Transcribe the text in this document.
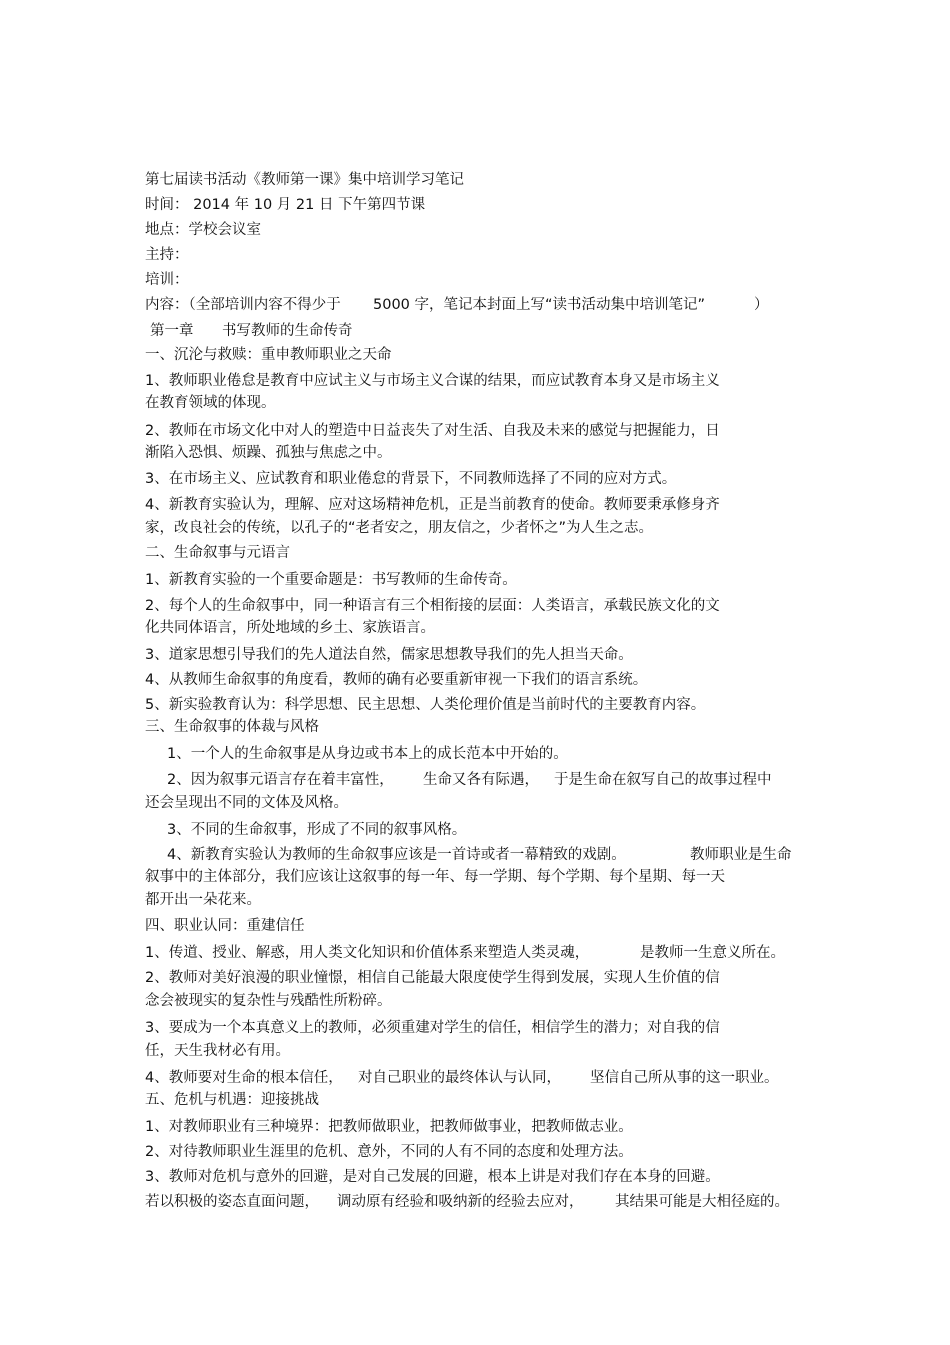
第七届读书活动《教师第一课》集中培训学习笔记
时间： 2014 年 10 月 21 日 下午第四节课
地点：学校会议室
主持：
培训：
内容：（全部培训内容不得少于 5000 字，笔记本封面上写“读书活动集中培训笔记”	）
第一章 书写教师的生命传奇
一、沉沦与救赎：重申教师职业之天命
1、教师职业倦怠是教育中应试主义与市场主义合谋的结果，而应试教育本身又是市场主义
在教育领域的体现。
2、教师在市场文化中对人的塑造中日益丧失了对生活、自我及未来的感觉与把握能力，日
渐陷入恐惧、烦躁、孤独与焦虑之中。
3、在市场主义、应试教育和职业倦怠的背景下，不同教师选择了不同的应对方式。
4、新教育实验认为，理解、应对这场精神危机，正是当前教育的使命。教师要秉承修身齐
家，改良社会的传统，以孔子的“老者安之，朋友信之，少者怀之”为人生之志。
二、生命叙事与元语言
1、新教育实验的一个重要命题是：书写教师的生命传奇。
2、每个人的生命叙事中，同一种语言有三个相衔接的层面：人类语言，承载民族文化的文
化共同体语言，所处地域的乡土、家族语言。
3、道家思想引导我们的先人道法自然，儒家思想教导我们的先人担当天命。
4、从教师生命叙事的角度看，教师的确有必要重新审视一下我们的语言系统。
5、新实验教育认为：科学思想、民主思想、人类伦理价值是当前时代的主要教育内容。
三、生命叙事的体裁与风格
1、一个人的生命叙事是从身边或书本上的成长范本中开始的。
2、因为叙事元语言存在着丰富性， 生命又各有际遇， 于是生命在叙写自己的故事过程中
还会呈现出不同的文体及风格。
3、不同的生命叙事，形成了不同的叙事风格。
4、新教育实验认为教师的生命叙事应该是一首诗或者一幕精致的戏剧。	教师职业是生命
叙事中的主体部分，我们应该让这叙事的每一年、每一学期、每个学期、每个星期、每一天
都开出一朵花来。
四、职业认同：重建信任
1、传道、授业、解惑，用人类文化知识和价值体系来塑造人类灵魂，	是教师一生意义所在。
2、教师对美好浪漫的职业憧憬，相信自己能最大限度使学生得到发展，实现人生价值的信
念会被现实的复杂性与残酷性所粉碎。
3、要成为一个本真意义上的教师，必须重建对学生的信任，相信学生的潜力；对自我的信
任，天生我材必有用。
4、教师要对生命的根本信任， 对自己职业的最终体认与认同， 坚信自己所从事的这一职业。
五、危机与机遇：迎接挑战
1、对教师职业有三种境界：把教师做职业，把教师做事业，把教师做志业。
2、对待教师职业生涯里的危机、意外，不同的人有不同的态度和处理方法。
3、教师对危机与意外的回避，是对自己发展的回避，根本上讲是对我们存在本身的回避。
若以积极的姿态直面问题， 调动原有经验和吸纳新的经验去应对， 其结果可能是大相径庭的。
